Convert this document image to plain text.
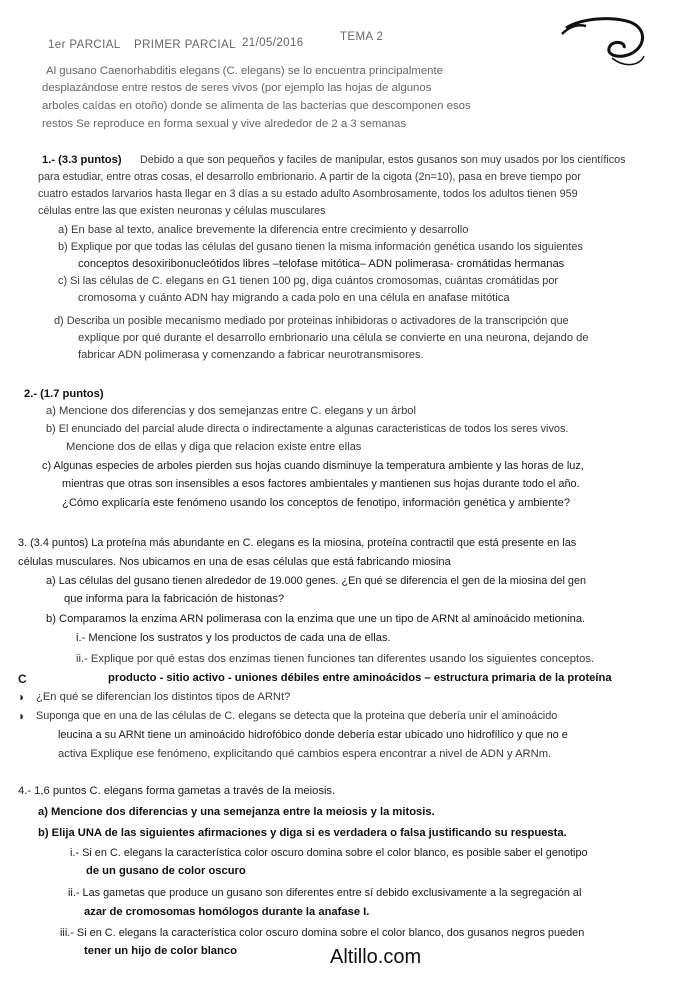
1er PARCIAL PRIMER PARCIAL 21/05/2016	TEMA 2
Al gusano Caenorhabditis elegans (C. elegans) se lo encuentra principalmente
desplazándose entre restos de seres vivos (por ejemplo las hojas de algunos
arboles caídas en otoño) donde se alimenta de las bacterias que descomponen esos
restos Se reproduce en forma sexual y vive alrededor de 2 a 3 semanas
1.- (3.3 puntos) Debido a que son pequeños y faciles de manipular, estos gusanos son muy usados por los científicos
para estudiar, entre otras cosas, el desarrollo embrionario. A partir de la cigota (2n=10), pasa en breve tiempo por
cuatro estados larvarios hasta llegar en 3 días a su estado adulto Asombrosamente, todos los adultos tienen 959
células entre las que existen neuronas y células musculares
a) En base al texto, analice brevemente la diferencia entre crecimiento y desarrollo
b) Explique por que todas las células del gusano tienen la misma información genética usando los siguientes
conceptos desoxiribonucleótidos libres –telofase mitótica– ADN polimerasa- cromátidas hermanas
c) Si las células de C. elegans en G1 tienen 100 pg, diga cuántos cromosomas, cuántas cromátidas por
cromosoma y cuánto ADN hay migrando a cada polo en una célula en anafase mitótica
d) Describa un posible mecanismo mediado por proteinas inhibidoras o activadores de la transcripción que
explique por qué durante el desarrollo embrionario una célula se convierte en una neurona, dejando de
fabricar ADN polimerasa y comenzando a fabricar neurotransmisores.
2.- (1.7 puntos)
a) Mencione dos diferencias y dos semejanzas entre C. elegans y un árbol
b) El enunciado del parcial alude directa o indirectamente a algunas caracteristicas de todos los seres vivos.
Mencione dos de ellas y diga que relacion existe entre ellas
c) Algunas especies de arboles pierden sus hojas cuando disminuye la temperatura ambiente y las horas de luz,
mientras que otras son insensibles a esos factores ambientales y mantienen sus hojas durante todo el año.
¿Cómo explicaría este fenómeno usando los conceptos de fenotipo, información genética y ambiente?
3. (3.4 puntos) La proteína más abundante en C. elegans es la miosina, proteína contractil que está presente en las
células musculares. Nos ubicamos en una de esas células que está fabricando miosina
a) Las células del gusano tienen alrededor de 19.000 genes. ¿En qué se diferencia el gen de la miosina del gen
que informa para la fabricación de histonas?
b) Comparamos la enzima ARN polimerasa con la enzima que une un tipo de ARNt al aminoácido metionina.
i.- Mencione los sustratos y los productos de cada una de ellas.
ii.- Explique por qué estas dos enzimas tienen funciones tan diferentes usando los siguientes conceptos.
C	producto - sitio activo - uniones débiles entre aminoácidos – estructura primaria de la proteína
◗ ¿En qué se diferencian los distintos tipos de ARNt?
◗ Suponga que en una de las células de C. elegans se detecta que la proteina que debería unir el aminoácido
leucina a su ARNt tiene un aminoácido hidrofóbico donde debería estar ubicado uno hidrofílico y que no e
activa Explique ese fenómeno, explicitando qué cambios espera encontrar a nivel de ADN y ARNm.
4.- 1,6 puntos C. elegans forma gametas a través de la meiosis.
a) Mencione dos diferencias y una semejanza entre la meiosis y la mitosis.
b) Elija UNA de las siguientes afirmaciones y diga si es verdadera o falsa justificando su respuesta.
i.- Si en C. elegans la característica color oscuro domina sobre el color blanco, es posible saber el genotipo
de un gusano de color oscuro
ii.- Las gametas que produce un gusano son diferentes entre sí debido exclusivamente a la segregación al
azar de cromosomas homólogos durante la anafase I.
iii.- Si en C. elegans la característica color oscuro domina sobre el color blanco, dos gusanos negros pueden
tener un hijo de color blanco	Altillo.com
